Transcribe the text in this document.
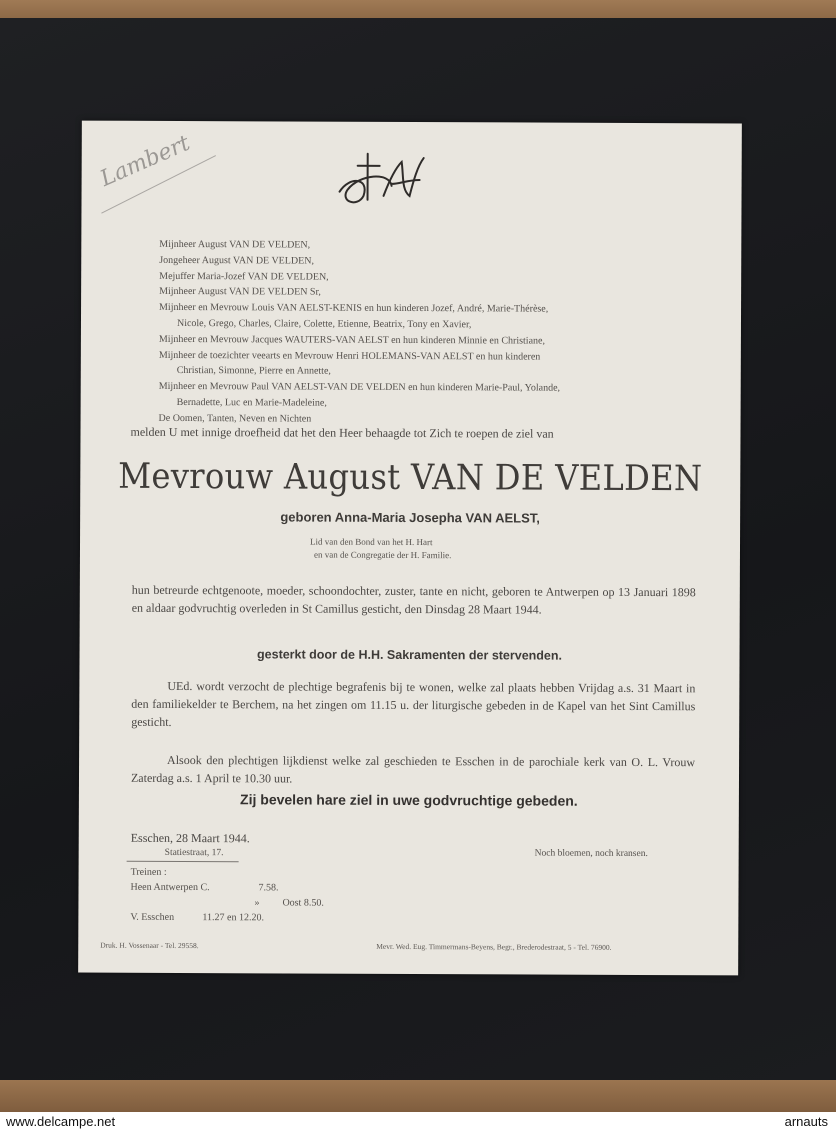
Lambert
Mijnheer August VAN DE VELDEN,
Jongeheer August VAN DE VELDEN,
Mejuffer Maria-Jozef VAN DE VELDEN,
Mijnheer August VAN DE VELDEN Sr,
Mijnheer en Mevrouw Louis VAN AELST-KENIS en hun kinderen Jozef, André, Marie-Thérèse,
Nicole, Grego, Charles, Claire, Colette, Etienne, Beatrix, Tony en Xavier,
Mijnheer en Mevrouw Jacques WAUTERS-VAN AELST en hun kinderen Minnie en Christiane,
Mijnheer de toezichter veearts en Mevrouw Henri HOLEMANS-VAN AELST en hun kinderen
Christian, Simonne, Pierre en Annette,
Mijnheer en Mevrouw Paul VAN AELST-VAN DE VELDEN en hun kinderen Marie-Paul, Yolande,
Bernadette, Luc en Marie-Madeleine,
De Oomen, Tanten, Neven en Nichten
melden U met innige droefheid dat het den Heer behaagde tot Zich te roepen de ziel van
Mevrouw August VAN DE VELDEN
geboren Anna-Maria Josepha VAN AELST,
Lid van den Bond van het H. Hart
en van de Congregatie der H. Familie.
hun betreurde echtgenoote, moeder, schoondochter, zuster, tante en nicht, geboren te Antwerpen op 13 Januari 1898 en aldaar godvruchtig overleden in St Camillus gesticht, den Dinsdag 28 Maart 1944.
gesterkt door de H.H. Sakramenten der stervenden.
UEd. wordt verzocht de plechtige begrafenis bij te wonen, welke zal plaats hebben Vrijdag a.s. 31 Maart in den familiekelder te Berchem, na het zingen om 11.15 u. der liturgische gebeden in de Kapel van het Sint Camillus gesticht.
Alsook den plechtigen lijkdienst welke zal geschieden te Esschen in de parochiale kerk van O. L. Vrouw Zaterdag a.s. 1 April te 10.30 uur.
Zij bevelen hare ziel in uwe godvruchtige gebeden.
Esschen, 28 Maart 1944.
Statiestraat, 17.	Noch bloemen, noch kransen.
Treinen :
Heen Antwerpen C.	7.58.
» Oost 8.50.
V. Esschen	11.27 en 12.20.
Druk. H. Vossenaar - Tel. 29558.	Mevr. Wed. Eug. Timmermans-Beyens, Begr., Brederodestraat, 5 - Tel. 76900.
www.delcampe.net	arnauts
